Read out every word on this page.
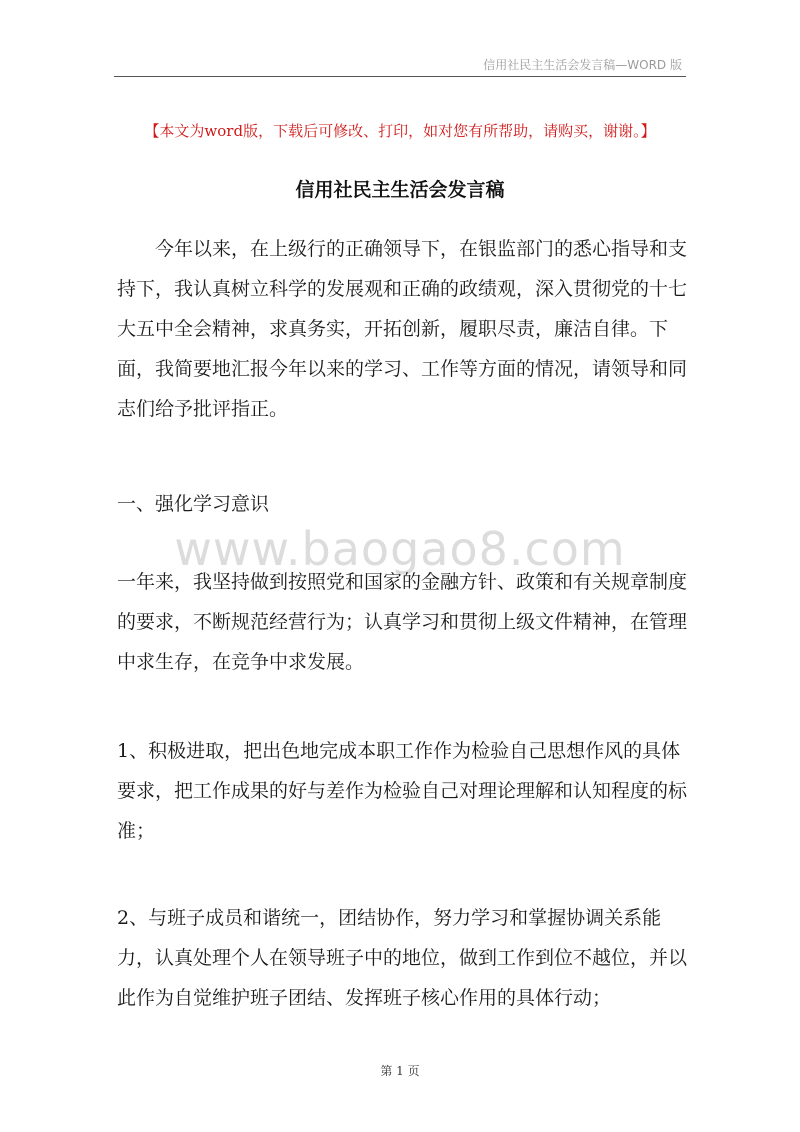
信用社民主生活会发言稿—WORD 版
【本文为word版，下载后可修改、打印，如对您有所帮助，请购买，谢谢。】
信用社民主生活会发言稿
www.baogao8.com
今年以来，在上级行的正确领导下，在银监部门的悉心指导和支持下，我认真树立科学的发展观和正确的政绩观，深入贯彻党的十七大五中全会精神，求真务实，开拓创新，履职尽责，廉洁自律。下面，我简要地汇报今年以来的学习、工作等方面的情况，请领导和同志们给予批评指正。
一、强化学习意识
一年来，我坚持做到按照党和国家的金融方针、政策和有关规章制度的要求，不断规范经营行为；认真学习和贯彻上级文件精神，在管理中求生存，在竞争中求发展。
1、积极进取，把出色地完成本职工作作为检验自己思想作风的具体要求，把工作成果的好与差作为检验自己对理论理解和认知程度的标准；
2、与班子成员和谐统一，团结协作，努力学习和掌握协调关系能力，认真处理个人在领导班子中的地位，做到工作到位不越位，并以此作为自觉维护班子团结、发挥班子核心作用的具体行动；
第 1 页
